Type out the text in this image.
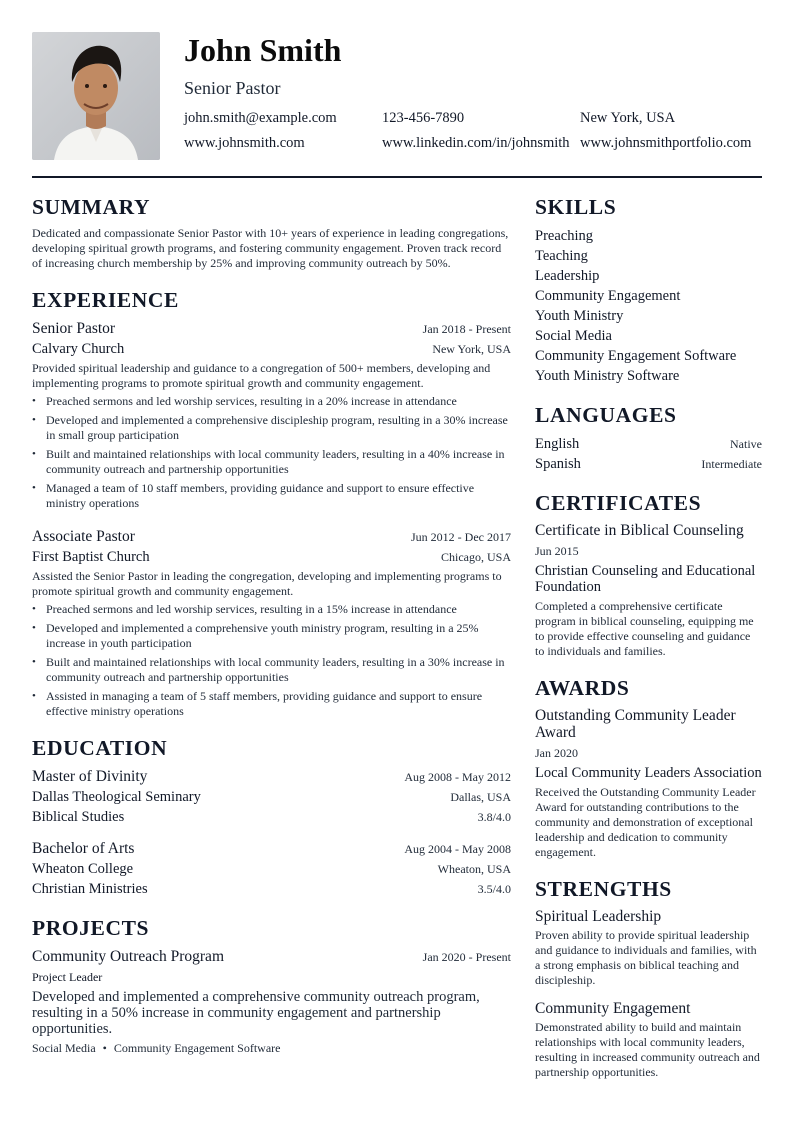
John Smith
Senior Pastor
john.smith@example.com	123-456-7890	New York, USA
www.johnsmith.com	www.linkedin.com/in/johnsmith www.johnsmithportfolio.com
SUMMARY
Dedicated and compassionate Senior Pastor with 10+ years of experience in leading congregations, developing spiritual growth programs, and fostering community engagement. Proven track record of increasing church membership by 25% and improving community outreach by 50%.
EXPERIENCE
Senior Pastor	Jan 2018 - Present
Calvary Church	New York, USA
Provided spiritual leadership and guidance to a congregation of 500+ members, developing and implementing programs to promote spiritual growth and community engagement.
• Preached sermons and led worship services, resulting in a 20% increase in attendance
• Developed and implemented a comprehensive discipleship program, resulting in a 30% increase in small group participation
• Built and maintained relationships with local community leaders, resulting in a 40% increase in community outreach and partnership opportunities
• Managed a team of 10 staff members, providing guidance and support to ensure effective ministry operations
Associate Pastor	Jun 2012 - Dec 2017
First Baptist Church	Chicago, USA
Assisted the Senior Pastor in leading the congregation, developing and implementing programs to promote spiritual growth and community engagement.
• Preached sermons and led worship services, resulting in a 15% increase in attendance
• Developed and implemented a comprehensive youth ministry program, resulting in a 25% increase in youth participation
• Built and maintained relationships with local community leaders, resulting in a 30% increase in community outreach and partnership opportunities
• Assisted in managing a team of 5 staff members, providing guidance and support to ensure effective ministry operations
EDUCATION
Master of Divinity	Aug 2008 - May 2012
Dallas Theological Seminary	Dallas, USA
Biblical Studies	3.8/4.0
Bachelor of Arts	Aug 2004 - May 2008
Wheaton College	Wheaton, USA
Christian Ministries	3.5/4.0
PROJECTS
Community Outreach Program	Jan 2020 - Present
Project Leader
Developed and implemented a comprehensive community outreach program, resulting in a 50% increase in community engagement and partnership opportunities.
Social Media • Community Engagement Software
SKILLS
Preaching
Teaching
Leadership
Community Engagement
Youth Ministry
Social Media
Community Engagement Software
Youth Ministry Software
LANGUAGES
English	Native
Spanish	Intermediate
CERTIFICATES
Certificate in Biblical Counseling
Jun 2015
Christian Counseling and Educational Foundation
Completed a comprehensive certificate program in biblical counseling, equipping me to provide effective counseling and guidance to individuals and families.
AWARDS
Outstanding Community Leader Award
Jan 2020
Local Community Leaders Association
Received the Outstanding Community Leader Award for outstanding contributions to the community and demonstration of exceptional leadership and dedication to community engagement.
STRENGTHS
Spiritual Leadership
Proven ability to provide spiritual leadership and guidance to individuals and families, with a strong emphasis on biblical teaching and discipleship.
Community Engagement
Demonstrated ability to build and maintain relationships with local community leaders, resulting in increased community outreach and partnership opportunities.
